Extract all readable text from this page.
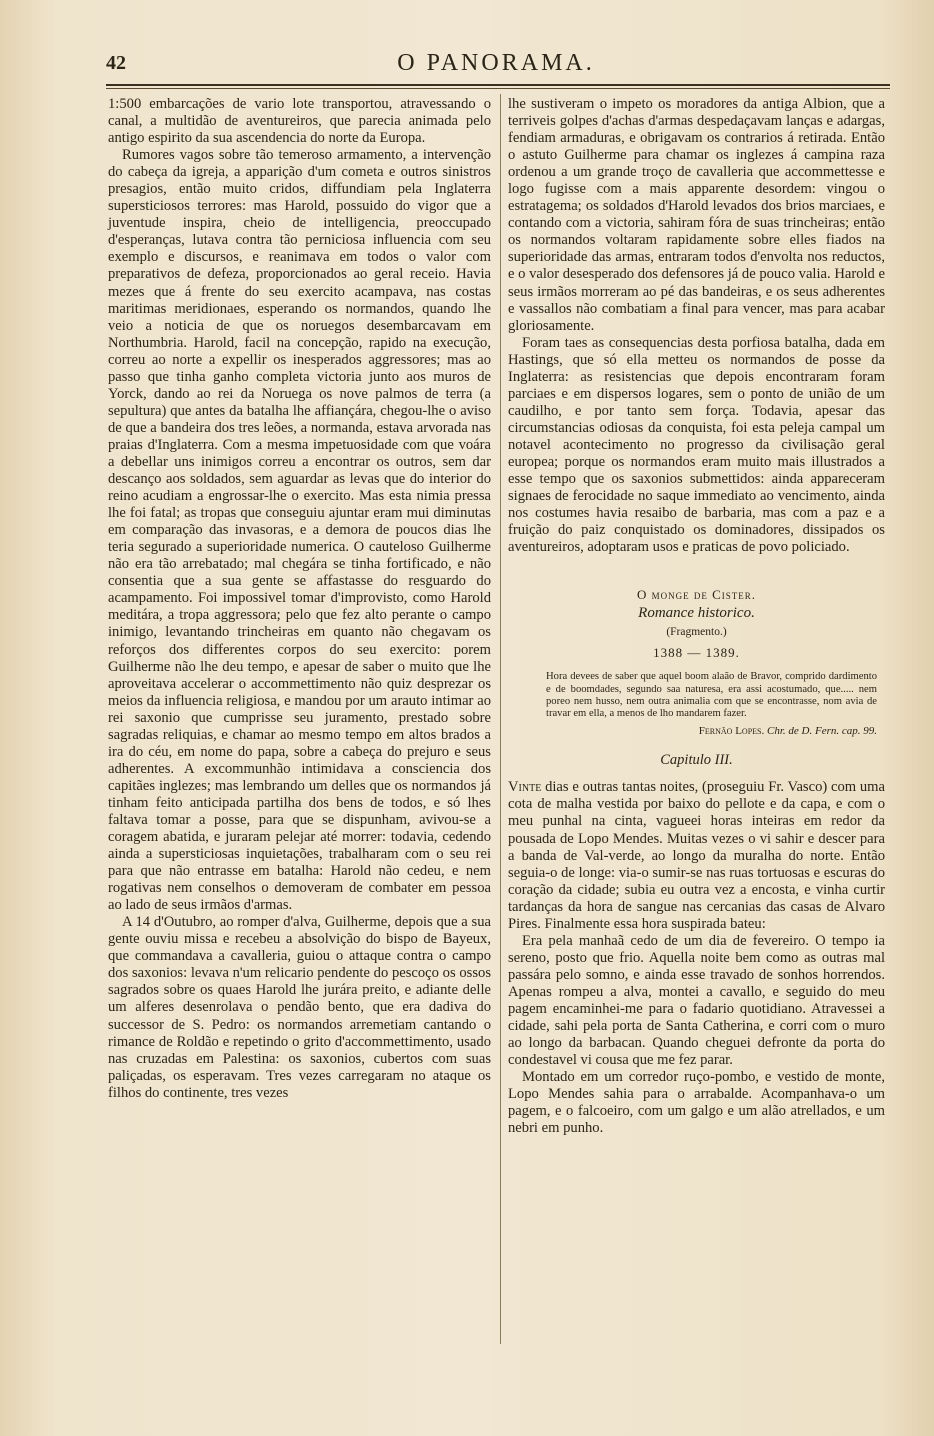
42	O PANORAMA.

1:500 embarcações de vario lote transportou, atravessando o canal, a multidão de aventureiros, que parecia animada pelo antigo espirito da sua ascendencia do norte da Europa.

Rumores vagos sobre tão temeroso armamento, a intervenção do cabeça da igreja, a apparição d'um cometa e outros sinistros presagios, então muito cridos, diffundiam pela Inglaterra supersticiosos terrores: mas Harold, possuido do vigor que a juventude inspira, cheio de intelligencia, preoccupado d'esperanças, lutava contra tão perniciosa influencia com seu exemplo e discursos, e reanimava em todos o valor com preparativos de defeza, proporcionados ao geral receio. Havia mezes que á frente do seu exercito acampava, nas costas maritimas meridionaes, esperando os normandos, quando lhe veio a noticia de que os noruegos desembarcavam em Northumbria. Harold, facil na concepção, rapido na execução, correu ao norte a expellir os inesperados aggressores; mas ao passo que tinha ganho completa victoria junto aos muros de Yorck, dando ao rei da Noruega os nove palmos de terra (a sepultura) que antes da batalha lhe affiançára, chegou-lhe o aviso de que a bandeira dos tres leões, a normanda, estava arvorada nas praias d'Inglaterra. Com a mesma impetuosidade com que voára a debellar uns inimigos correu a encontrar os outros, sem dar descanço aos soldados, sem aguardar as levas que do interior do reino acudiam a engrossar-lhe o exercito. Mas esta nimia pressa lhe foi fatal; as tropas que conseguiu ajuntar eram mui diminutas em comparação das invasoras, e a demora de poucos dias lhe teria segurado a superioridade numerica. O cauteloso Guilherme não era tão arrebatado; mal chegára se tinha fortificado, e não consentia que a sua gente se affastasse do resguardo do acampamento. Foi impossivel tomar d'improvisto, como Harold meditára, a tropa aggressora; pelo que fez alto perante o campo inimigo, levantando trincheiras em quanto não chegavam os reforços dos differentes corpos do seu exercito: porem Guilherme não lhe deu tempo, e apesar de saber o muito que lhe aproveitava accelerar o accommettimento não quiz desprezar os meios da influencia religiosa, e mandou por um arauto intimar ao rei saxonio que cumprisse seu juramento, prestado sobre sagradas reliquias, e chamar ao mesmo tempo em altos brados a ira do céu, em nome do papa, sobre a cabeça do prejuro e seus adherentes. A excommunhão intimidava a consciencia dos capitães inglezes; mas lembrando um delles que os normandos já tinham feito anticipada partilha dos bens de todos, e só lhes faltava tomar a posse, para que se dispunham, avivou-se a coragem abatida, e juraram pelejar até morrer: todavia, cedendo ainda a supersticiosas inquietações, trabalharam com o seu rei para que não entrasse em batalha: Harold não cedeu, e nem rogativas nem conselhos o demoveram de combater em pessoa ao lado de seus irmãos d'armas.

A 14 d'Outubro, ao romper d'alva, Guilherme, depois que a sua gente ouviu missa e recebeu a absolvição do bispo de Bayeux, que commandava a cavalleria, guiou o attaque contra o campo dos saxonios: levava n'um relicario pendente do pescoço os ossos sagrados sobre os quaes Harold lhe jurára preito, e adiante delle um alferes desenrolava o pendão bento, que era dadiva do successor de S. Pedro: os normandos arremetiam cantando o rimance de Roldão e repetindo o grito d'accommettimento, usado nas cruzadas em Palestina: os saxonios, cubertos com suas paliçadas, os esperavam. Tres vezes carregaram no ataque os filhos do continente, tres vezes

lhe sustiveram o impeto os moradores da antiga Albion, que a terriveis golpes d'achas d'armas despedaçavam lanças e adargas, fendiam armaduras, e obrigavam os contrarios á retirada. Então o astuto Guilherme para chamar os inglezes á campina raza ordenou a um grande troço de cavalleria que accommettesse e logo fugisse com a mais apparente desordem: vingou o estratagema; os soldados d'Harold levados dos brios marciaes, e contando com a victoria, sahiram fóra de suas trincheiras; então os normandos voltaram rapidamente sobre elles fiados na superioridade das armas, entraram todos d'envolta nos reductos, e o valor desesperado dos defensores já de pouco valia. Harold e seus irmãos morreram ao pé das bandeiras, e os seus adherentes e vassallos não combatiam a final para vencer, mas para acabar gloriosamente.

Foram taes as consequencias desta porfiosa batalha, dada em Hastings, que só ella metteu os normandos de posse da Inglaterra: as resistencias que depois encontraram foram parciaes e em dispersos logares, sem o ponto de união de um caudilho, e por tanto sem força. Todavia, apesar das circumstancias odiosas da conquista, foi esta peleja campal um notavel acontecimento no progresso da civilisação geral europea; porque os normandos eram muito mais illustrados a esse tempo que os saxonios submettidos: ainda appareceram signaes de ferocidade no saque immediato ao vencimento, ainda nos costumes havia resaibo de barbaria, mas com a paz e a fruição do paiz conquistado os dominadores, dissipados os aventureiros, adoptaram usos e praticas de povo policiado.

O monge de Cister.
Romance historico.
(Fragmento.)
1388 — 1389.
Hora devees de saber que aquel boom alaão de Bravor, comprido dardimento e de boomdades, segundo saa naturesa, era assi acostumado, que..... nem poreo nem husso, nem outra animalia com que se encontrasse, nom avia de travar em ella, a menos de lho mandarem fazer.
Fernão Lopes. Chr. de D. Fern. cap. 99.
Capitulo III.

Vinte dias e outras tantas noites, (proseguiu Fr. Vasco) com uma cota de malha vestida por baixo do pellote e da capa, e com o meu punhal na cinta, vagueei horas inteiras em redor da pousada de Lopo Mendes. Muitas vezes o vi sahir e descer para a banda de Val-verde, ao longo da muralha do norte. Então seguia-o de longe: via-o sumir-se nas ruas tortuosas e escuras do coração da cidade; subia eu outra vez a encosta, e vinha curtir tardanças da hora de sangue nas cercanias das casas de Alvaro Pires. Finalmente essa hora suspirada bateu:

Era pela manhaã cedo de um dia de fevereiro. O tempo ia sereno, posto que frio. Aquella noite bem como as outras mal passára pelo somno, e ainda esse travado de sonhos horrendos. Apenas rompeu a alva, montei a cavallo, e seguido do meu pagem encaminhei-me para o fadario quotidiano. Atravessei a cidade, sahi pela porta de Santa Catherina, e corri com o muro ao longo da barbacan. Quando cheguei defronte da porta do condestavel vi cousa que me fez parar.

Montado em um corredor ruço-pombo, e vestido de monte, Lopo Mendes sahia para o arrabalde. Acompanhava-o um pagem, e o falcoeiro, com um galgo e um alão atrellados, e um nebri em punho.
